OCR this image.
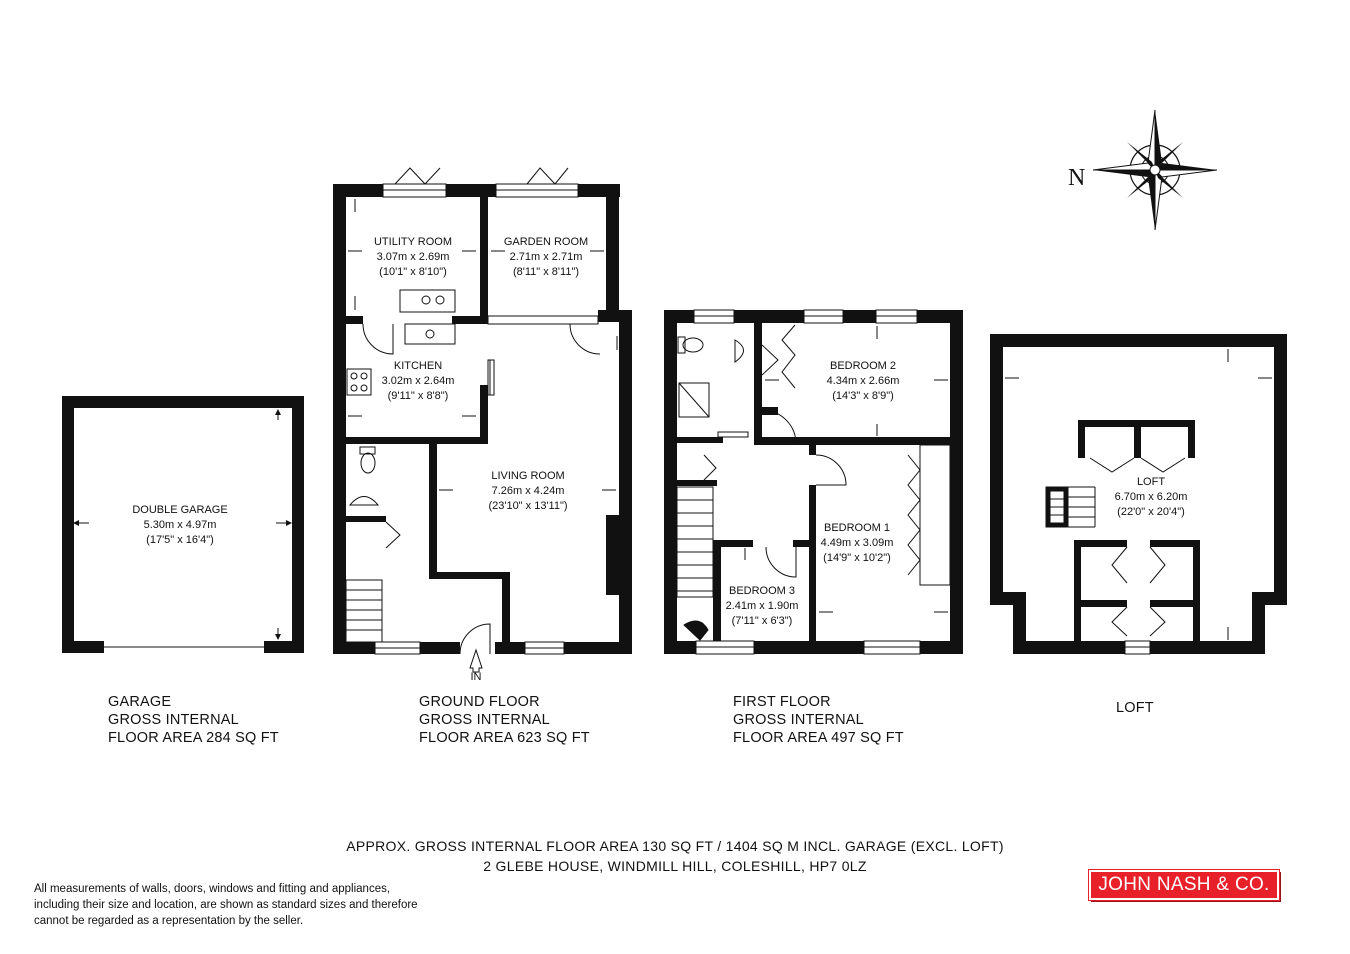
DOUBLE GARAGE
5.30m x 4.97m
(17'5" x 16'4")
UTILITY ROOM
3.07m x 2.69m
(10'1" x 8'10")
GARDEN ROOM
2.71m x 2.71m
(8'11" x 8'11")
KITCHEN
3.02m x 2.64m
(9'11" x 8'8")
LIVING ROOM
7.26m x 4.24m
(23'10" x 13'11")
IN
BEDROOM 2
4.34m x 2.66m
(14'3" x 8'9")
BEDROOM 1
4.49m x 3.09m
(14'9" x 10'2")
BEDROOM 3
2.41m x 1.90m
(7'11" x 6'3")
LOFT
6.70m x 6.20m
(22'0" x 20'4")
N
GARAGE
GROSS INTERNAL
FLOOR AREA 284 SQ FT
GROUND FLOOR
GROSS INTERNAL
FLOOR AREA 623 SQ FT
FIRST FLOOR
GROSS INTERNAL
FLOOR AREA 497 SQ FT
LOFT
APPROX. GROSS INTERNAL FLOOR AREA 130 SQ FT / 1404 SQ M INCL. GARAGE (EXCL. LOFT)
2 GLEBE HOUSE, WINDMILL HILL, COLESHILL, HP7 0LZ
All measurements of walls, doors, windows and fitting and appliances,
including their size and location, are shown as standard sizes and therefore
cannot be regarded as a representation by the seller.
JOHN NASH & CO.
